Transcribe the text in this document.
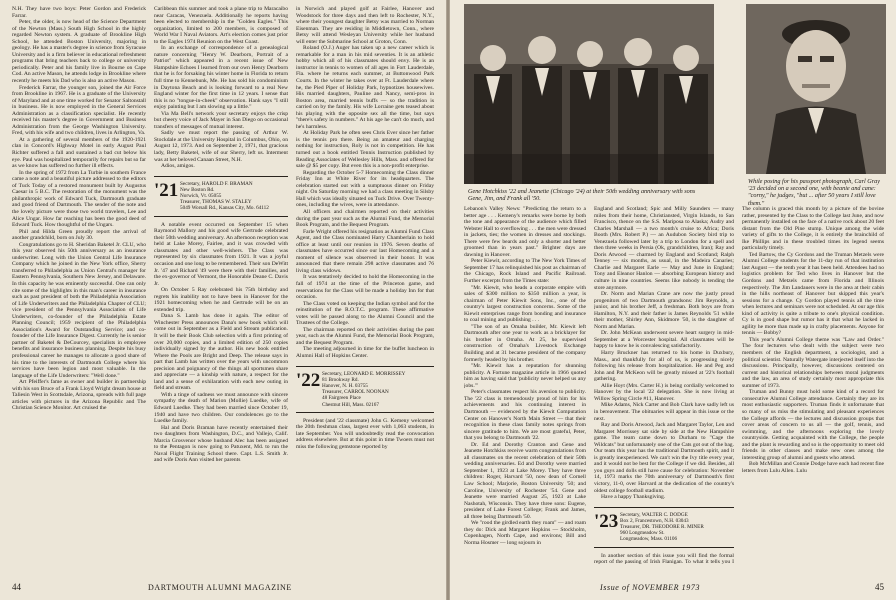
N.H. They have two boys: Peter Gordon and Frederick Farrar.

Peter, the older, is now head of the Science Department of the Newton (Mass.) South High School in the highly regarded Newton system. A graduate of Brookline High School, he attended Boston University, majoring in geology. He has a master's degree in science from Syracuse University and is a firm believer in educational refreshment programs that bring teachers back to college or university periodically. Peter and his family live in Bourne on Cape Cod. An active Mason, he attends lodge in Brookline where recently he meets his Dad who is also an active Mason.

Frederick Farrar, the younger son, joined the Air Force from Brookline in 1967. He is a graduate of the University of Maryland and at one time worked for Senator Saltonstall in business. He is now employed in the General Services Administration as a classification specialist. He recently received his master's degree in Government and Business Administration from the George Washington University. Fred, with his wife and two children, lives in Arlington, Va.

At a gathering of several members of the 1920-1921 clan in Concord's Highway Motel in early August Paul Richter suffered a fall and sustained a bad cut below his eye. Paul was hospitalized temporarily for repairs but so far as we know has suffered no further ill effects.

In the spring of 1972 from La Turbie in southern France came a note and a beautiful picture addressed to the editors of Tuck Today of a restored monument built by Augustus Caesar in 5 B.C. The restoration of the monument was the philanthropic work of Edward Tuck, Dartmouth graduate and good friend of Dartmouth. The sender of the note and the lovely picture were those two world travelers, Lee and Alice Ungar. How far reaching has been the good deed of Edward Tuck. How thoughtful of the Ungars.

Phil and Hilda Green proudly report the arrival of another grandchild, born on July 30.

Congratulations go to H. Sheridan Baketel Jr. CLU, who this year observed his 50th anniversary as an insurance underwriter. Long with the Union Central Life Insurance Company which he joined in the New York office, Sherry transferred to Philadelphia as Union Central's manager for Eastern Pennsylvania, Southern New Jersey, and Delaware. In this capacity he was eminently successful. One can only cite some of the highlights in this man's career in insurance such as past president of both the Philadelphia Association of Life Underwriters and the Philadelphia Chapter of CLU; vice president of the Pennsylvania Association of Life Underwriters, co-founder of the Philadelphia Estate Planning Council; 1959 recipient of the Philadelphia Association's Award for Outstanding Service; and co-founder of the Life Insurance Digest. Currently he is senior partner of Baketel & DeCourcey, specialists in employee benefits and insurance business planning. Despite his busy professional career he manages to allocate a good share of his time to the interests of Dartmouth College where his services have been legion and most valuable. In the language of the Life Underwriters: "Well done."

Art Pfeiffer's fame as owner and builder in partnership with his son Bruce of a Frank Lloyd Wright dream house at Taliesin West in Scottsdale, Arizona, spreads with full page articles with pictures in the Arizona Republic and The Christian Science Monitor. Art cruised the

Caribbean this summer and took a plane trip to Maracaibo near Caracas, Venezuela. Additionally he reports having been elected to membership in the "Golden Eagles." This organization, limited to 200 members, is composed of World War I Naval Aviators. Art's election comes just prior to the Eagles 1974 Reunion on the West Coast.

In an exchange of correspondence of a genealogical nature concerning "Henry W. Dearborn, Portrait of a Patriot" which appeared in a recent issue of New Hampshire Echoes I learned from our own Henry Dearborn that he is for forsaking his winter home in Florida to return full time to Kennebunk, Me. He has sold his condominium in Daytona Beach and is looking forward to a real New England winter for the first time in 12 years. I sense that this is no "tongue-in-cheek" observation. Hank says "I still enjoy painting but I am slowing up a little."

Via Ma Bell's network your secretary enjoys the crisp but cheery voice of Jack Mayer in San Diego on occasional transfers of messages of mutual interest.

Sadly we must report the passing of Arthur W. Stockdale at the University Hospital in Columbus, Ohio, on August 12, 1973. And on September 2, 1971, that gracious lady, Betty Baketel, wife of our Sherry, left us. Interment was at her beloved Canaan Street, N.H.

Adios, amigos.

'21 Secretary, HAROLD F. BRAMAN
New Boston Rd.
Norwich, Vt. 05055
Treasurer, THOMAS W. STALEY
5049 Worsall Rd., Kansas City, Mo. 64112

A notable event occurred on September 15 when Raymond Mallory and his good wife Gertrude celebrated their 50th wedding anniversary. An afternoon reception was held at Lake Morey, Fairlee, and it was crowded with classmates and other well-wishers. The Class was represented by six classmates from 1921. It was a joyful occasion and one long to be remembered. Their son DeWitt Jr. '47 and Richard '49 were there with their families, and the ex-governor of Vermont, the Honorable Deane C. Davis Jr.

On October 5 Ray celebrated his 75th birthday and regrets his inability not to have been in Hanover for the 1921 homecoming when he and Gertrude will be on an extended trip.

Dana S. Lamb has done it again. The editor of Winchester Press announces Dana's new book which will come out in September as a Field and Stream publication. It will be their Book Club selection with a first printing of over 20,000 copies, and a limited edition of 250 copies individually signed by the author. His new book entitled Where the Pools are Bright and Deep. The release says in part that Lamb has written over the years with uncommon precision and poignancy of the things all sportsmen share and appreciate — a kinship with nature, a respect for the land and a sense of exhilaration with each new outing in field and stream.

With a tinge of sadness we must announce with sincere sympathy the death of Marion (Mollie) Luedke, wife of Edward Luedke. They had been married since October 19, 1940 and have two children. Our condolences go to the Luedke family.

Hal and Doris Braman have recently entertained their two daughters from Washington, D.C., and Vallejo, Calif. Marcia Grosvenor whose husband Alec has been assigned to the Pentagon is now going to Patuxent, Md. to run the Naval Flight Training School there. Capt. L.S. Smith Jr. and wife Doris Ann visited her parents

in Norwich and played golf at Fairlee, Hanover and Woodstock for three days and then left to Rochester, N.Y., where their youngest daughter Betsy was married to Norman Eisenman. They are residing in Middletown, Conn., where Betsy will attend Wesleyan University while her husband will enter the Submarine School at Groton, Conn.

Roland (O.J.) Auger has taken up a new career which is remarkable for a man in his mid seventies. It is an athletic hobby which all of his classmates should envy. He is an instructor in tennis to women of all ages in Fort Lauderdale, Fla. where he returns each summer, at Buttonwood Park Courts. In the winter he takes over at Ft. Lauderdale where he, the Pied Piper of Holiday Park, hypnotizes housewives. His married daughters, Pauline and Nancy, semi-pros in Boston area, married tennis buffs — so the tradition is carried on by the family. His wife Lorraine gets teased about his playing with the opposite sex all the time, but says "there's safety in numbers." At his age he can't do much, and he's harmless.

At Holiday Park he often sees Chris Ever since her father is the tennis pro there. Being an amateur and charging nothing for instruction, Roly is not in competition. He has turned out a book entitled Tennis Instruction published by Reading Associates of Wellesley Hills, Mass. and offered for sale @ $5 per copy. But even this is a non-profit enterprise.

Regarding the October 5-7 Homecoming the Class dinner Friday Inn at White River for its headquarters. The celebration started out with a sumptuous dinner on Friday night. On Saturday morning we had a class meeting in Silsby Hall which was ideally situated on Tuck Drive. Over Twenty-ones, including the wives, were in attendance.

All officers and chairmen reported on their activities during the past year such as the Alumni Fund, the Memorial Book Program, and the Bequest Program.

Farle Wright offered his resignation as Alumni Fund Class Agent, and the Class nominated Harry Chamberlain to hold office at least until our reunion in 1976. Seven deaths of classmates have occurred since our last Homecoming and a moment of silence was observed in their honor. It was announced that there remain 298 active classmates and 76 living class widows.

It was tentatively decided to hold the Homecoming in the fall of 1974 at the time of the Princeton game, and reservations for the Class will be made a holiday Inn for that occasion.

The Class voted on keeping the Indian symbol and for the reinstitution of the R.O.T.C. program. These affirmative votes will be passed along to the Alumni Council and the Trustees of the College.

The chairman reported on their activities during the past year, such as the Alumni Fund, the Memorial Book Program, and the Bequest Program.

The meeting adjourned in time for the buffet luncheon in Alumni Hall of Hopkins Center.

'22 Secretary, LEONARD E. MORRISSEY
81 Brookway Rd.
Hanover, N. H. 03755
Treasurer, CARROL NOONAN
48 Fairgreen Place
Chestnut Hill, Mass. 02167

President (and '22 classmate) John G. Kemeny welcomed the 20th freshman class, largest ever with 1,063 students, in late September. You will undoubtedly read the convocation address elsewhere. But at this point in time Twoers must not miss the following gemstone reported by

44	DARTMOUTH ALUMNI MAGAZINE
Gene Hotchkiss '22 and Jeanette (Chicago '24) at their 50th wedding anniversary with sons Gene, Jim, and Frank all '50.
While posing for his passport photograph, Carl Gray '23 decided on a second one, with beanie and cane: "corny," he judges, "but ... after 50 years I still love them."

Lebanon's Valley News: "Predicting the return to a better age . . . Kemeny's remarks were borne by both the tone and appearance of the audience which filled Webster Hall to overflowing . . . the men were dressed in jackets, ties; the women in dresses and stockings. There were few beards and only a shorter and better groomed than in years past." Brighter days are dawning in Hanover.

Peter Kiewit, according to The New York Times of September 17 has relinquished his post as chairman of the Chicago, Rock Island and Pacific Railroad. Further excerpts from the Times state:

"Mr. Kiewit, who heads a corporate empire with sales of $300 million to $350 million a year, is chairman of Peter Kiewit Sons, Inc., one of the country's largest construction concerns. Some of the Kiewit enterprises range from bonding and insurance to coal mining and publishing . . .

"The son of an Omaha builder, Mr. Kiewit left Dartmouth after one year to work as a bricklayer for his brother in Omaha. At 25, he supervised construction of Omaha's Livestock Exchange Building and at 31 became president of the company formerly headed by his brother.

"Mr. Kiewit has a reputation for shunning publicity. A Fortune magazine article in 1966 quoted him as having said that 'publicity never helped us any jobs.'"

Peter's classmates respect his aversion to publicity. The '22 class is tremendously proud of him for his achievements and his continuing interest in Dartmouth — evidenced by the Kiewit Computation Center on Hanover's North Main Street — that their recognition in these class family notes springs from sincere gratitude to him. We are most grateful, Peter, that you belong to Dartmouth '22.

Dr. Ed and Dorothy Cranton and Gene and Jeanette Hotchkiss receive warm congratulations from all classmates on the recent celebration of their 50th wedding anniversaries. Ed and Dorothy were married September 1, 1923 at Lake Morey. They have three children: Roger, Harvard '50, now dean of Cornell Law School; Marjorie, Boston University '50; and Caroline, University of Rochester '54. Gene and Jeanette were married August 25, 1923 at Lake Nashotah, Wisconsin. They have three sons: Eugene, president of Lake Forest College; Frank and James, all three being Dartmouth '50.

We "rood the girdled earth they roam" — and roam they do: Dick and Margaret Hopkins — Stockholm, Copenhagen, North Cape, and environs; Bill and Norma Hosmer — long sojourn in

England and Scotland; Spic and Milly Saunders — many miles from their home, Christiansted, Virgin Islands, to San Francisco, thence on the S.S. Mariposa to Alaska; Audry and Charles Marshall — a two month's cruise to Africa; Doris Booth (Mrs. Robert P.) — an Audubon Society bird trip to Venezuela followed later by a trip to London for a spell and then three weeks in Persia (Ok, grandchildren, Iran); Ray and Doris Atwood — charmed by England and Scotland; Ralph Tenney — six months, as usual, in the Madeira Canaries; Charlie and Margaret Earle — May and June in England; Tony and Eleanor Hanlon — absorbing European history and culture in nine countries. Seems like nobody is tending the store anymore.

Dr. Norm and Marian Crane are now the justly proud progenitors of two Dartmouth grandsons: Jim Reynolds, a junior, and his brother Jeff, a freshman. Both boys are from Hamilton, N.Y. and their father is James Reynolds '51 while their mother, Shirley Ann, Skidmore '50, is the daughter of Norm and Marian.

Dr. John McKean underwent severe heart surgery in mid-September at a Worcester hospital. All classmates will be happy to know he is convalescing satisfactorily.

Harry Bruckner has returned to his home in Duxbury, Mass., and thankfully for all of us, is progressing nicely following his release from hospitalization. He and Peg and John and Pat McKeon will be greatly missed at '22's football gathering.

Allie Hoyt (Mrs. Carter H.) is being cordially welcomed to Hanover by the local '22 delegation. She is now living at Willow Spring Circle #11, Hanover.

Mike Adams, Nick Carter and Bob Clark have sadly left us in bereavement. The obituaries will appear in this issue or the next.

Ray and Doris Atwood, Jack and Margaret Taylor, Len and Margaret Morrissey sat side by side at the New Hampshire game. The team came down to Durham to "Cage the Wildcats" but unfortunately one of the Cats got out of the bag. Our team this year has the traditional Dartmouth spirit, and it is greatly inexperienced. We can't win the Ivy title every year, and it would not be best for the College if we did. Besides, all you guys and dolls still have cause for celebration: November 14, 1973 marks the 70th anniversary of Dartmouth's first victory, 11-0, over Harvard at the dedication of the country's oldest college football stadium.

Have a happy Thanksgiving.

'23 Secretary, WALTER C. DODGE
Box 2, Francestown, N.H. 03043
Treasurer, DR. THEODORE R. MINER
960 Longmeadow St.
Longmeadow, Mass. 01106

In another section of this issue you will find the formal report of the passing of Irish Flanigan. To what it tells you I

The column is graced this month by a picture of the bovine rather, presented by the Class to the College last June, and now permanently installed on the face of a native rock about 20 feet distant from the Old Pine stump. Unique among the wide variety of gifts to the College, it is entirely the brainchild of Ike Phillips and in these troubled times its legend seems particularly timely.

Ted Bartow, the Cy Gordons and the Truman Metzels were Alumni College students for the 11-day run of that institution last August — the tenth year it has been held. Attendees had no logistics problem for Ted who lives in Hanover but the Gordons and Metzels came from Florida and Illinois respectively. The Jim Landauers were in the area at their cabin in the hills northeast of Hanover but skipped this year's sessions for a change. Cy Gordon played tennis all the time when lectures and seminars were not scheduled. At our age this kind of activity is quite a tribute to one's physical condition. Cy is in good shape but rumor has it that what he lacked in agility he more than made up in crafty placements. Anyone for tennis — Bobby?

This year's Alumni College theme was "Law and Order." The four lecturers who dealt with the subject were two members of the English department, a sociologist, and a political scientist. Naturally Watergate interjected itself into the discussions. Principally, however, discussions centered on current and historical relationships between moral judgments and the law, an area of study certainly most appropriate this summer of 1973.

Truman and Bunny must hold some kind of a record for consecutive Alumni College attendance. Certainly they are its most enthusiastic supporters. Truman finds it unfortunate that so many of us miss the stimulating and pleasant experiences the College affords — the lectures and discussion groups that cover areas of concern to us all — the golf, tennis, and swimming, and the afternoons exploring the lovely countryside. Getting acquainted with the College, the people and the plant is rewarding and so is the opportunity to meet old friends in other classes and make new ones among the interesting group of alumni and guests who attend.

Bob McMillan and Connie Dodge have each had recent fine letters from Lulu Allen. Lulu

Issue of NOVEMBER 1973	45
